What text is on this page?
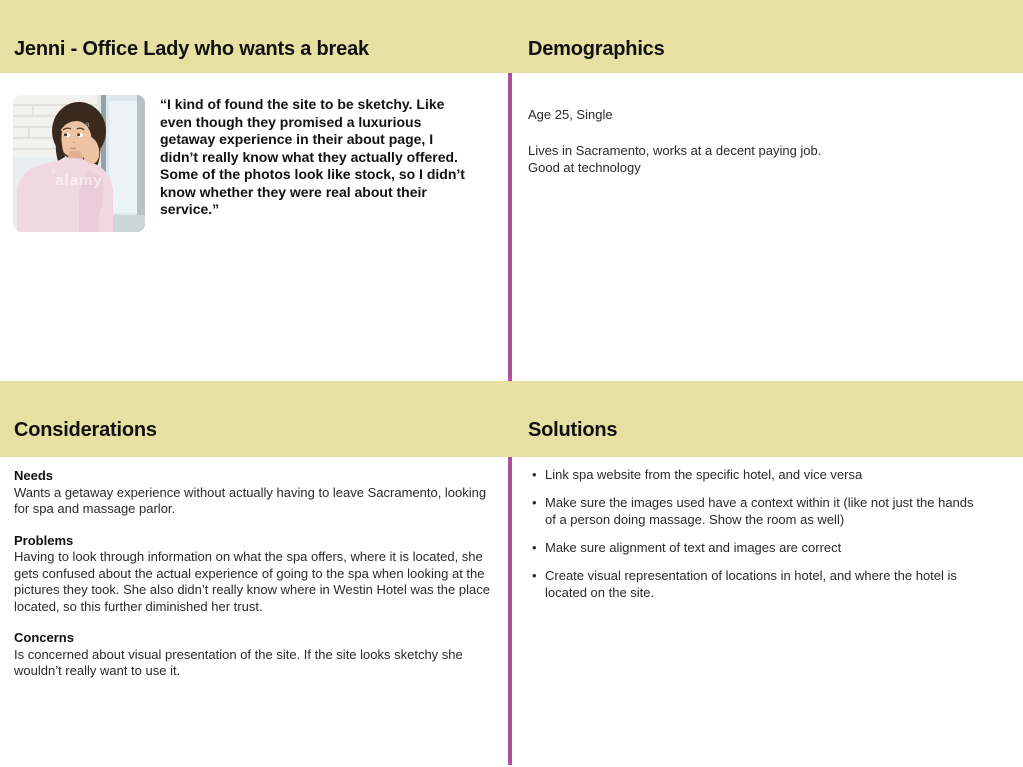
Jenni - Office Lady who wants a break	Demographics
Considerations	Solutions
alamy
a
a
a
“I kind of found the site to be sketchy. Like even though they promised a luxurious getaway experience in their about page, I didn’t really know what they actually offered. Some of the photos look like stock, so I didn’t know whether they were real about their service.”

Age 25, Single

Lives in Sacramento, works at a decent paying job.
Good at technology

Needs

Wants a getaway experience without actually having to leave Sacramento, looking for spa and massage parlor.

Problems

Having to look through information on what the spa offers, where it is located, she gets confused about the actual experience of going to the spa when looking at the pictures they took. She also didn’t really know where in Westin Hotel was the place located, so this further diminished her trust.

Concerns

Is concerned about visual presentation of the site. If the site looks sketchy she wouldn’t really want to use it.

• Link spa website from the specific hotel, and vice versa
• Make sure the images used have a context within it (like not just the hands of a person doing massage. Show the room as well)
• Make sure alignment of text and images are correct
• Create visual representation of locations in hotel, and where the hotel is located on the site.
